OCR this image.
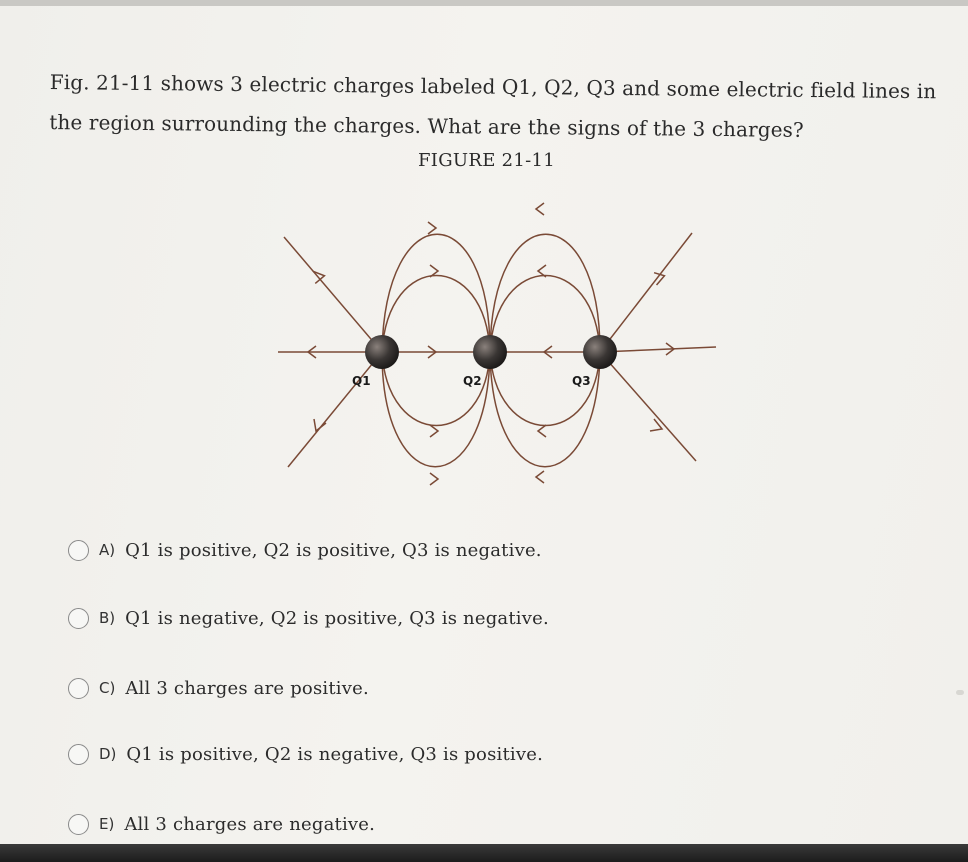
Fig. 21-11 shows 3 electric charges labeled Q1, Q2, Q3 and some electric field lines in the region surrounding the charges. What are the signs of the 3 charges?
FIGURE 21-11
Q1	Q2	Q3
A) Q1 is positive, Q2 is positive, Q3 is negative.
B) Q1 is negative, Q2 is positive, Q3 is negative.
C) All 3 charges are positive.
D) Q1 is positive, Q2 is negative, Q3 is positive.
E) All 3 charges are negative.
